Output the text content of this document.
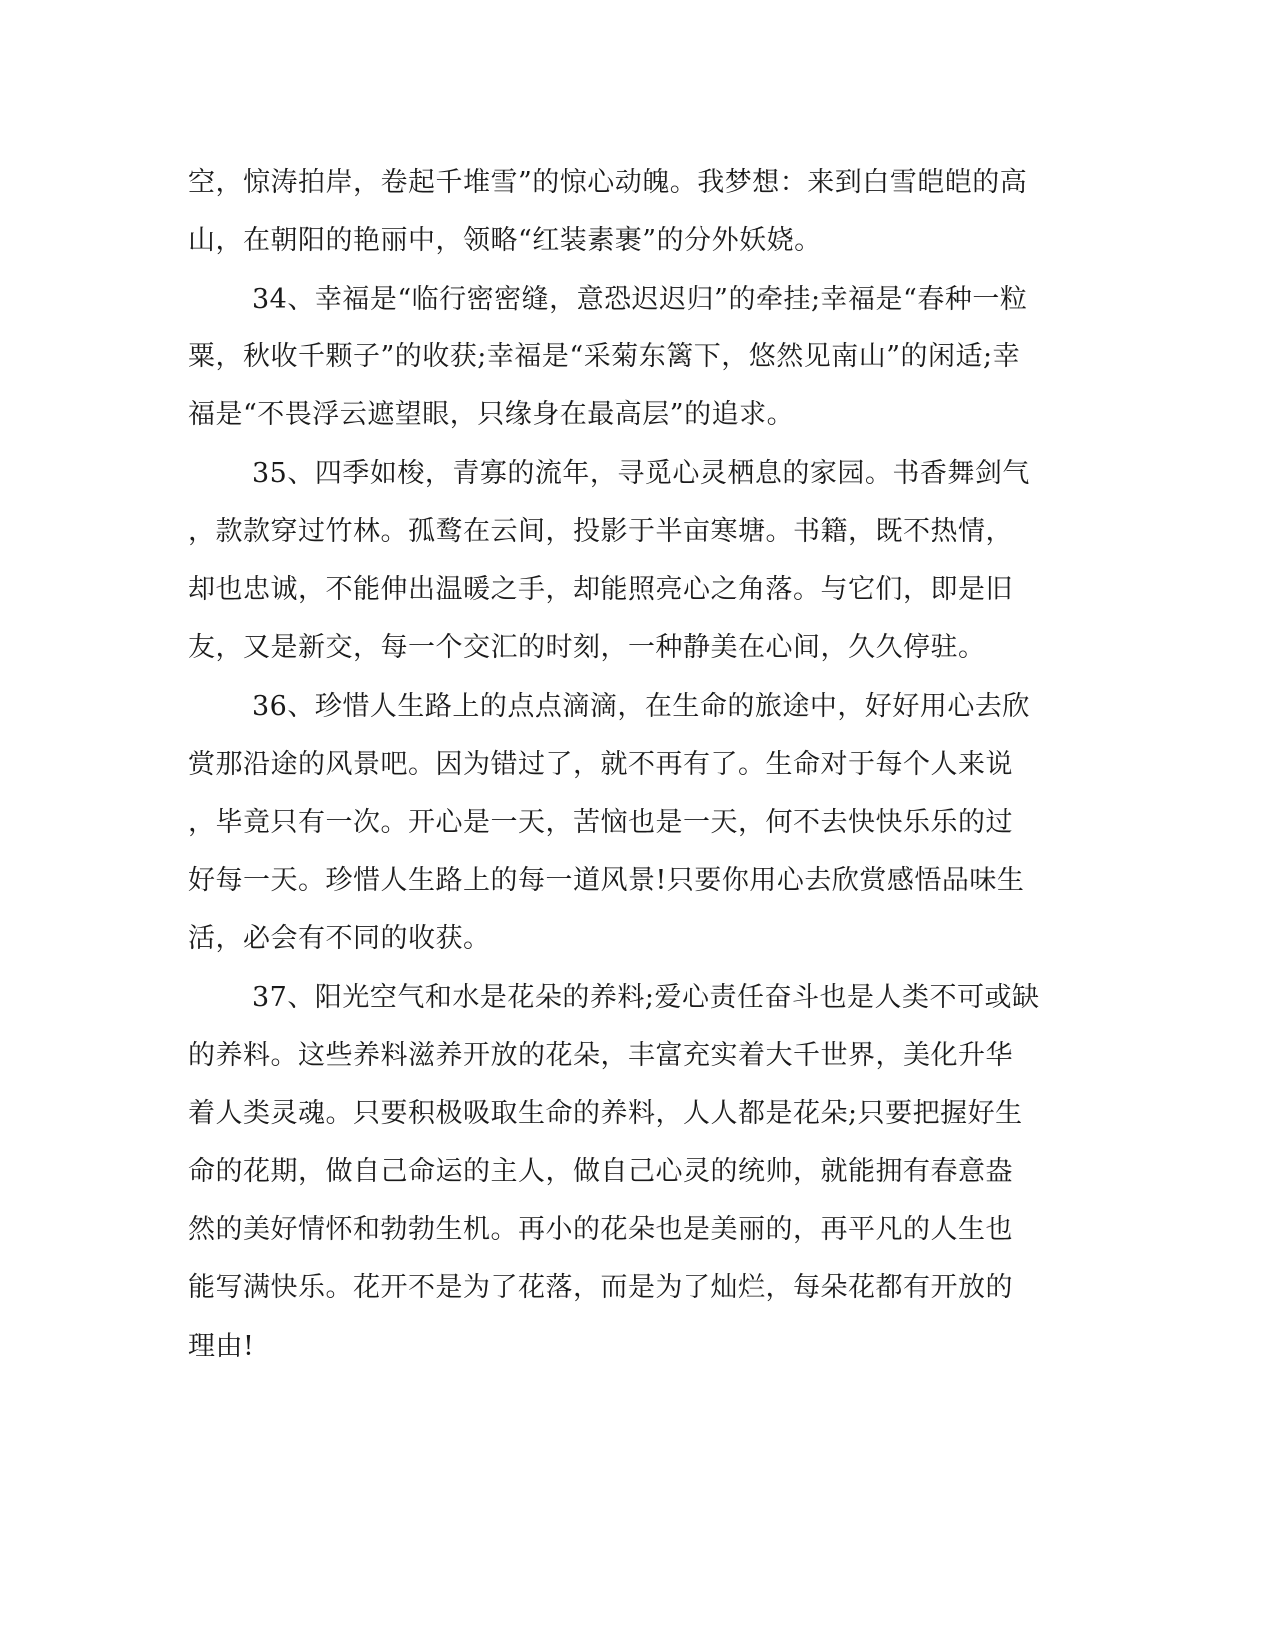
空，惊涛拍岸，卷起千堆雪”的惊心动魄。我梦想：来到白雪皑皑的高
山，在朝阳的艳丽中，领略“红装素裹”的分外妖娆。
34、幸福是“临行密密缝，意恐迟迟归”的牵挂;幸福是“春种一粒
粟，秋收千颗子”的收获;幸福是“采菊东篱下，悠然见南山”的闲适;幸
福是“不畏浮云遮望眼，只缘身在最高层”的追求。
35、四季如梭，青寡的流年，寻觅心灵栖息的家园。书香舞剑气
，款款穿过竹林。孤鹜在云间，投影于半亩寒塘。书籍，既不热情，
却也忠诚，不能伸出温暖之手，却能照亮心之角落。与它们，即是旧
友，又是新交，每一个交汇的时刻，一种静美在心间，久久停驻。
36、珍惜人生路上的点点滴滴，在生命的旅途中，好好用心去欣
赏那沿途的风景吧。因为错过了，就不再有了。生命对于每个人来说
，毕竟只有一次。开心是一天，苦恼也是一天，何不去快快乐乐的过
好每一天。珍惜人生路上的每一道风景!只要你用心去欣赏感悟品味生
活，必会有不同的收获。
37、阳光空气和水是花朵的养料;爱心责任奋斗也是人类不可或缺
的养料。这些养料滋养开放的花朵，丰富充实着大千世界，美化升华
着人类灵魂。只要积极吸取生命的养料，人人都是花朵;只要把握好生
命的花期，做自己命运的主人，做自己心灵的统帅，就能拥有春意盎
然的美好情怀和勃勃生机。再小的花朵也是美丽的，再平凡的人生也
能写满快乐。花开不是为了花落，而是为了灿烂，每朵花都有开放的
理由!
